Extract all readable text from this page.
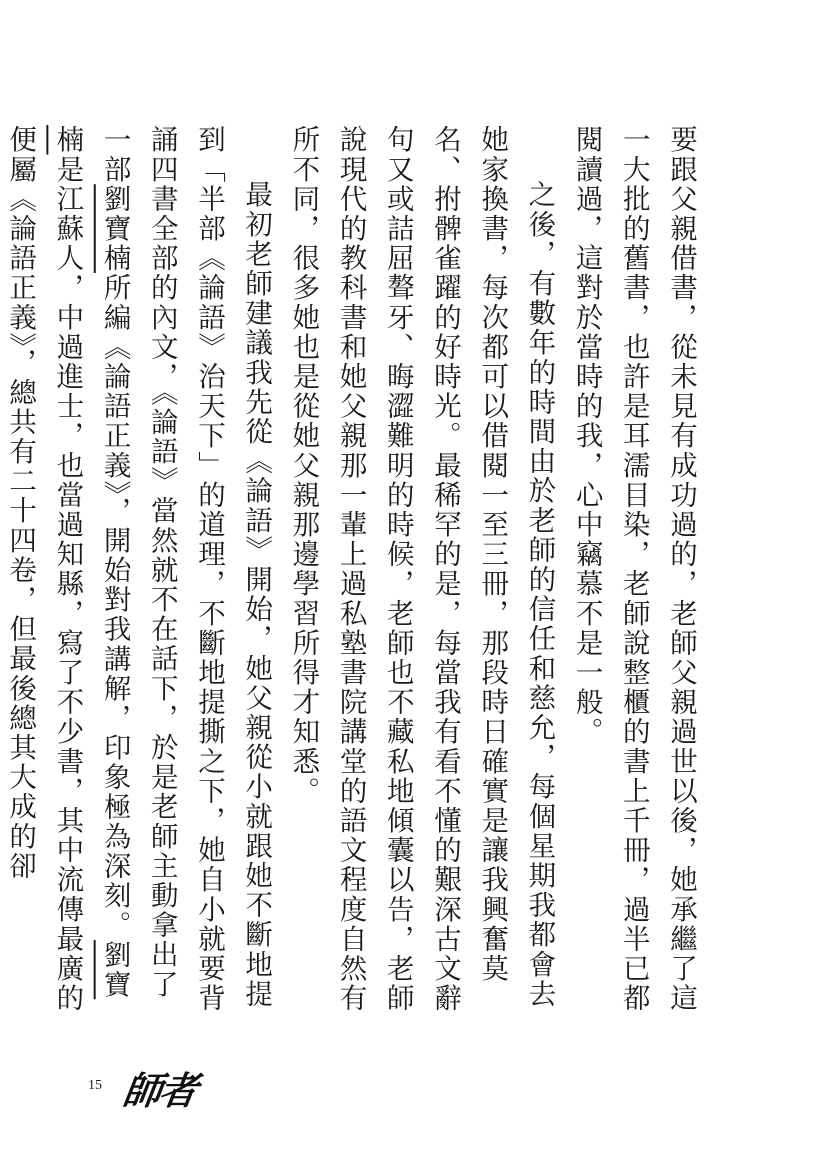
要跟父親借書，從未見有成功過的，老師父親過世以後，她承繼了這一大批的舊書，也許是耳濡目染，老師說整櫃的書上千冊，過半已都閱讀過，這對於當時的我，心中竊慕不是一般。

之後，有數年的時間由於老師的信任和慈允，每個星期我都會去她家換書，每次都可以借閱一至三冊，那段時日確實是讓我興奮莫名、拊髀雀躍的好時光。最稀罕的是，每當我有看不懂的艱深古文辭句又或詰屈聱牙、晦澀難明的時候，老師也不藏私地傾囊以告，老師說現代的教科書和她父親那一輩上過私塾書院講堂的語文程度自然有所不同，很多她也是從她父親那邊學習所得才知悉。

最初老師建議我先從《論語》開始，她父親從小就跟她不斷地提到「半部《論語》治天下」的道理，不斷地提撕之下，她自小就要背誦四書全部的內文，《論語》當然就不在話下，於是老師主動拿出了一部劉寶楠所編《論語正義》，開始對我講解，印象極為深刻。劉寶楠是江蘇人，中過進士，也當過知縣，寫了不少書，其中流傳最廣的便屬《論語正義》，總共有二十四卷，但最後總其大成的卻

15 師者
